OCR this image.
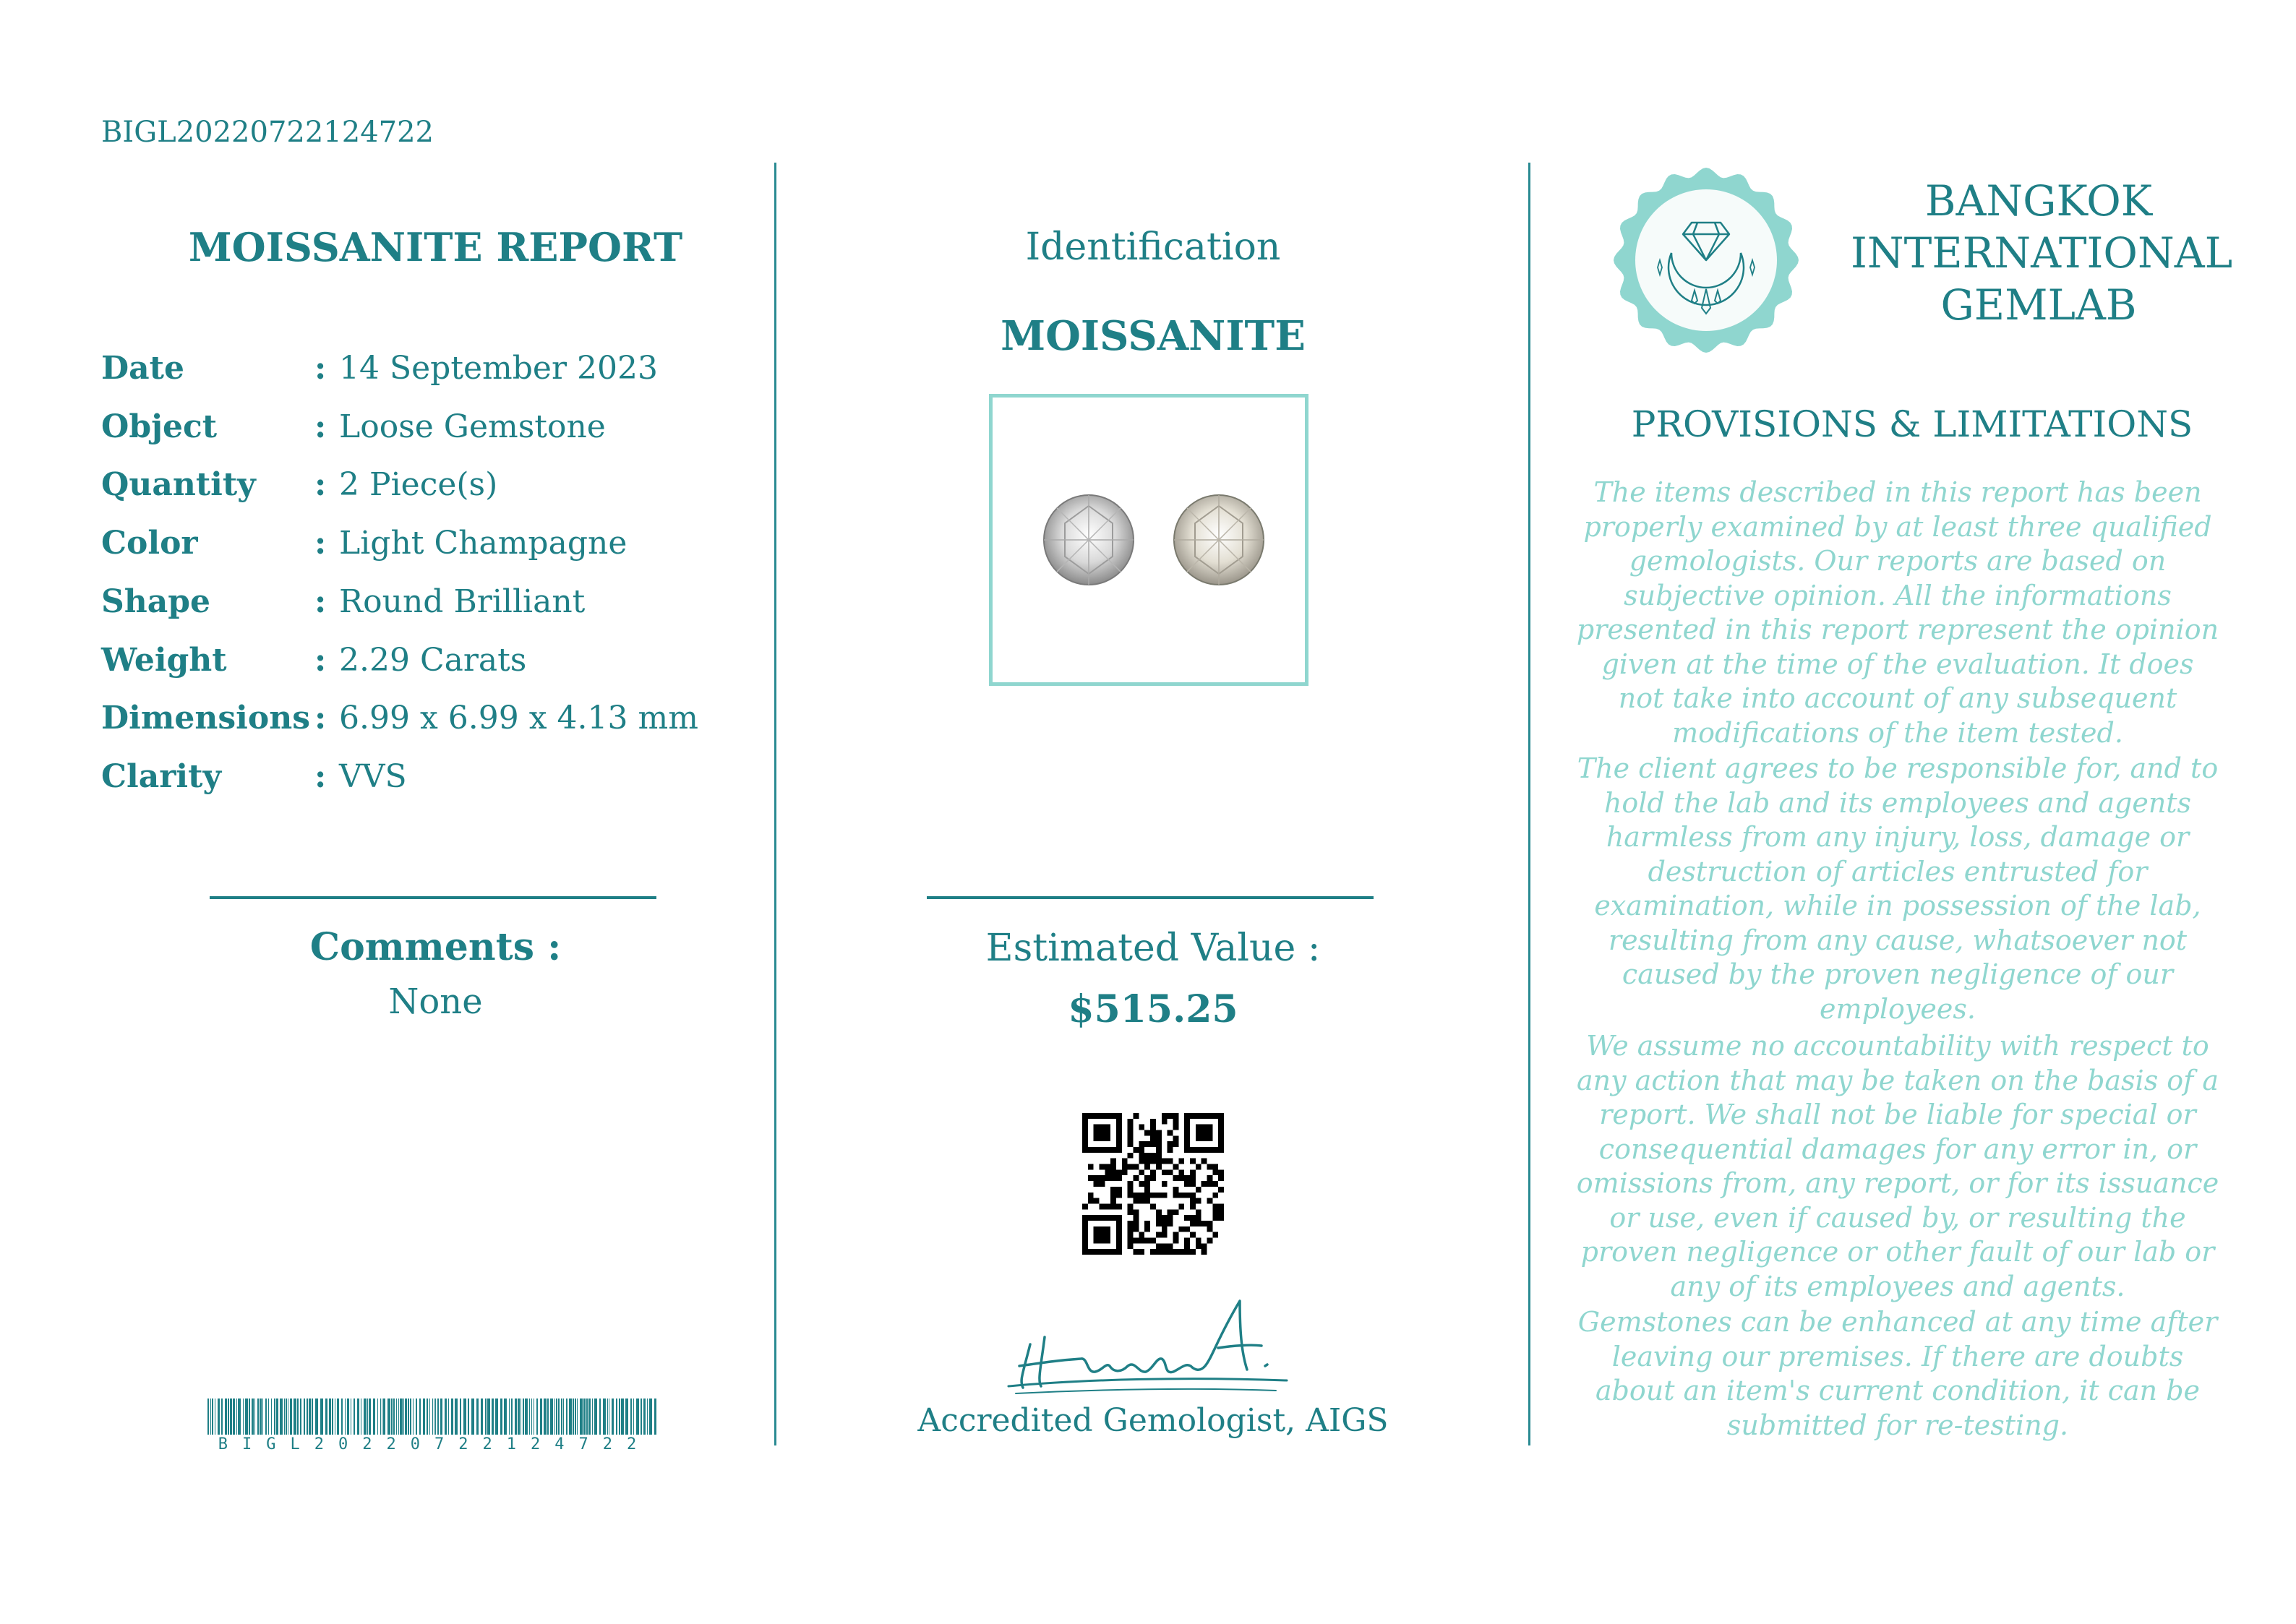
BIGL20220722124722
MOISSANITE REPORT
Date	: 14 September 2023
Object	: Loose Gemstone
Quantity	: 2 Piece(s)
Color	: Light Champagne
Shape	: Round Brilliant
Weight	: 2.29 Carats
Dimensions : 6.99 x 6.99 x 4.13 mm
Clarity	: VVS
Comments :
None
BIGL20220722124722
Identification
MOISSANITE
Estimated Value :
$515.25
Accredited Gemologist, AIGS
BANGKOK
INTERNATIONAL
GEMLAB
PROVISIONS & LIMITATIONS
The items described in this report has been properly examined by at least three qualified gemologists. Our reports are based on subjective opinion. All the informations presented in this report represent the opinion given at the time of the evaluation. It does not take into account of any subsequent modifications of the item tested.
The client agrees to be responsible for, and to hold the lab and its employees and agents harmless from any injury, loss, damage or destruction of articles entrusted for examination, while in possession of the lab, resulting from any cause, whatsoever not caused by the proven negligence of our employees.
We assume no accountability with respect to any action that may be taken on the basis of a report. We shall not be liable for special or consequential damages for any error in, or omissions from, any report, or for its issuance or use, even if caused by, or resulting the proven negligence or other fault of our lab or any of its employees and agents.
Gemstones can be enhanced at any time after leaving our premises. If there are doubts about an item's current condition, it can be submitted for re-testing.
